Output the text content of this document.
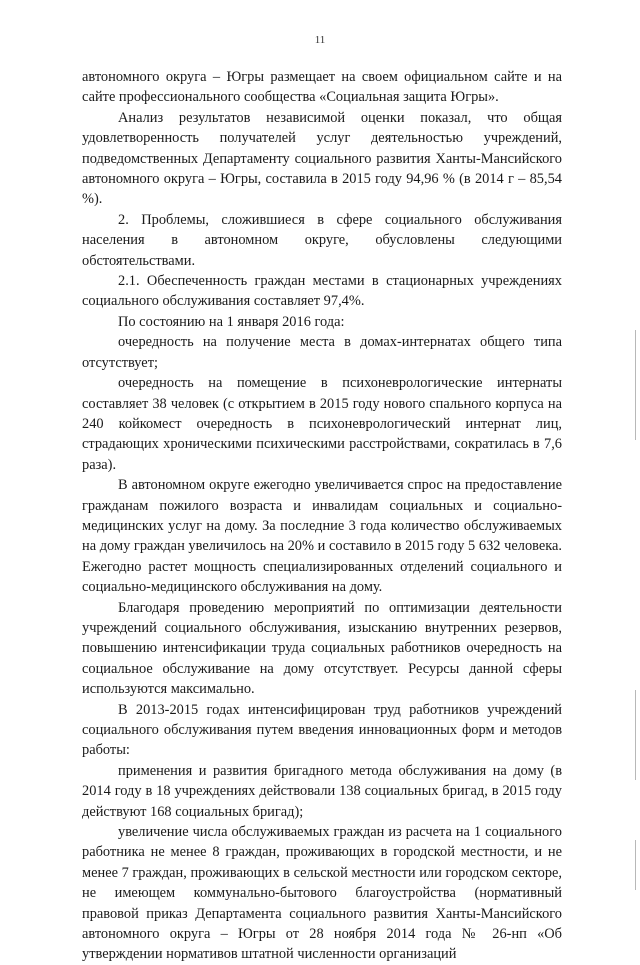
11

автономного округа – Югры размещает на своем официальном сайте и на сайте профессионального сообщества «Социальная защита Югры».

Анализ результатов независимой оценки показал, что общая удовлетворенность получателей услуг деятельностью учреждений, подведомственных Департаменту социального развития Ханты-Мансийского автономного округа – Югры, составила в 2015 году 94,96 % (в 2014 г – 85,54 %).

2. Проблемы, сложившиеся в сфере социального обслуживания населения в автономном округе, обусловлены следующими обстоятельствами.

2.1. Обеспеченность граждан местами в стационарных учреждениях социального обслуживания составляет 97,4%.

По состоянию на 1 января 2016 года:

очередность на получение места в домах-интернатах общего типа отсутствует;

очередность на помещение в психоневрологические интернаты составляет 38 человек (с открытием в 2015 году нового спального корпуса на 240 койкомест очередность в психоневрологический интернат лиц, страдающих хроническими психическими расстройствами, сократилась в 7,6 раза).

В автономном округе ежегодно увеличивается спрос на предоставление гражданам пожилого возраста и инвалидам социальных и социально-медицинских услуг на дому. За последние 3 года количество обслуживаемых на дому граждан увеличилось на 20% и составило в 2015 году 5 632 человека. Ежегодно растет мощность специализированных отделений социального и социально-медицинского обслуживания на дому.

Благодаря проведению мероприятий по оптимизации деятельности учреждений социального обслуживания, изысканию внутренних резервов, повышению интенсификации труда социальных работников очередность на социальное обслуживание на дому отсутствует. Ресурсы данной сферы используются максимально.

В 2013-2015 годах интенсифицирован труд работников учреждений социального обслуживания путем введения инновационных форм и методов работы:

применения и развития бригадного метода обслуживания на дому (в 2014 году в 18 учреждениях действовали 138 социальных бригад, в 2015 году действуют 168 социальных бригад);

увеличение числа обслуживаемых граждан из расчета на 1 социального работника не менее 8 граждан, проживающих в городской местности, и не менее 7 граждан, проживающих в сельской местности или городском секторе, не имеющем коммунально-бытового благоустройства (нормативный правовой приказ Департамента социального развития Ханты-Мансийского автономного округа – Югры от 28 ноября 2014 года № 26-нп «Об утверждении нормативов штатной численности организаций
